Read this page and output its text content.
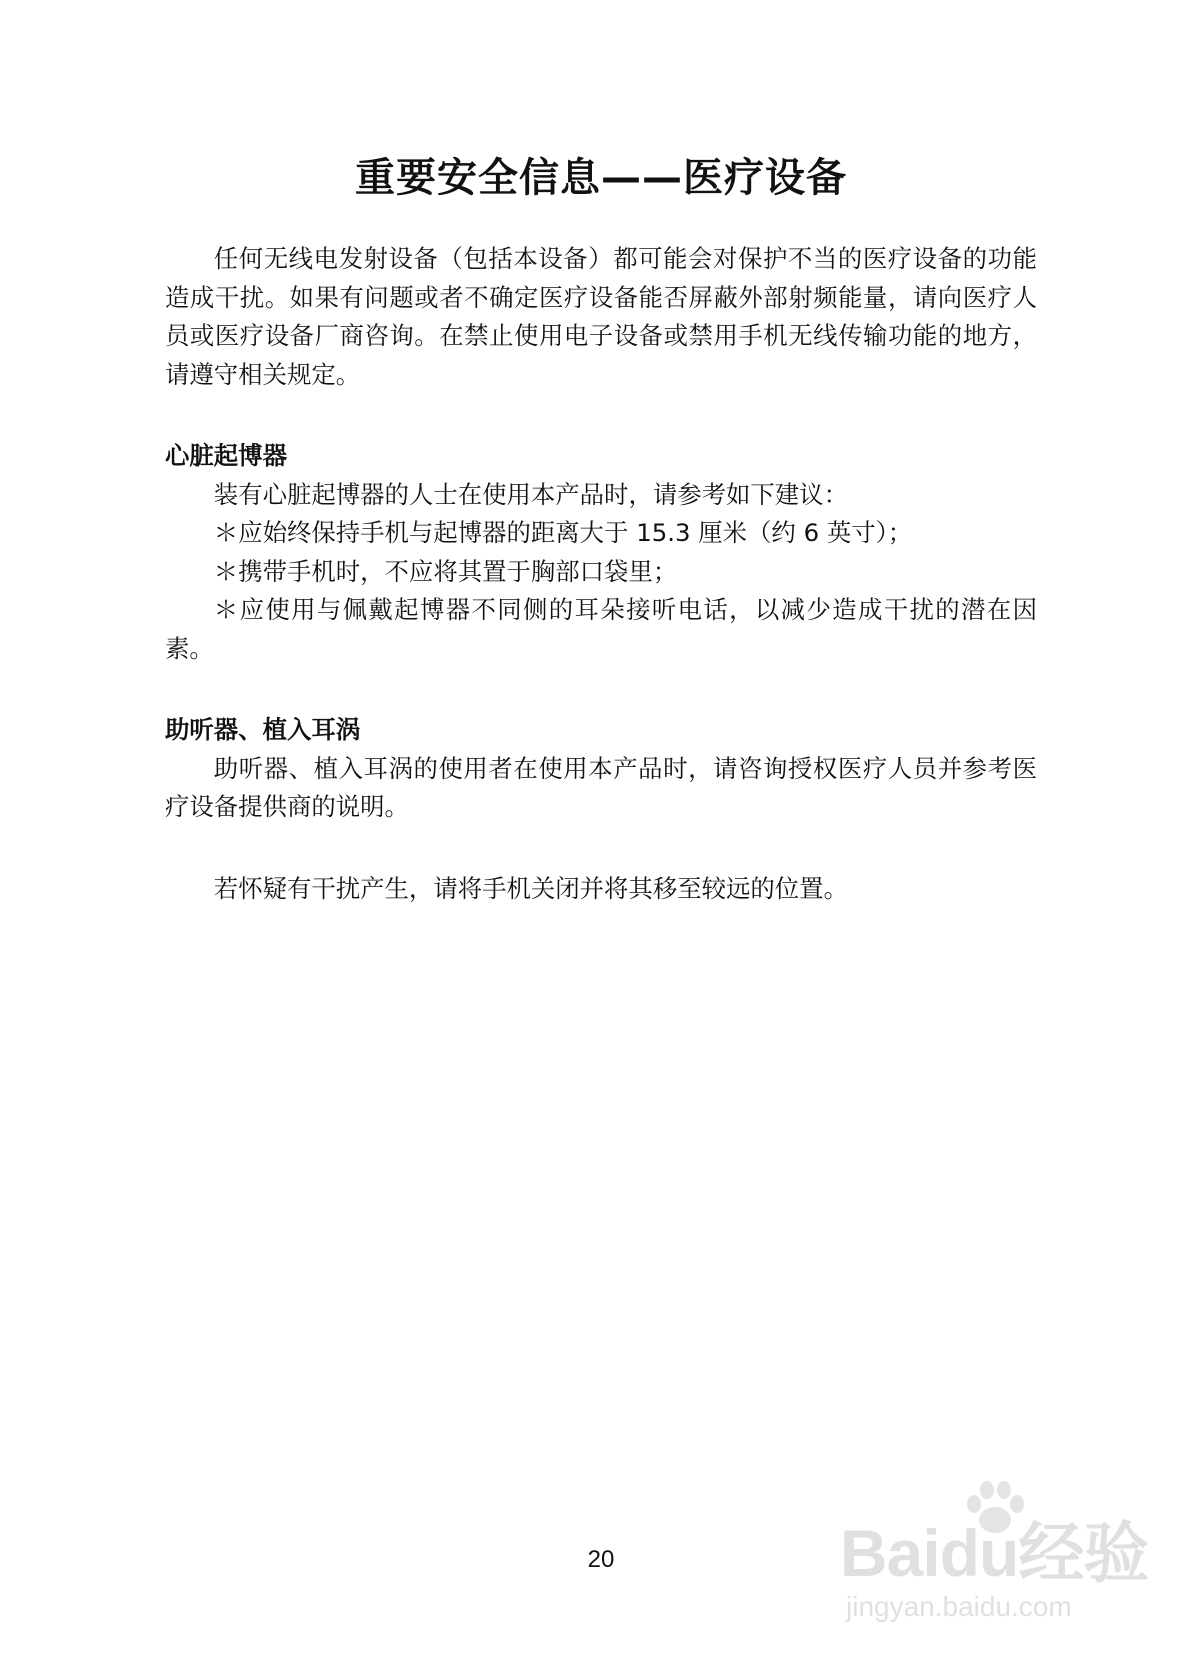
重要安全信息——医疗设备

任何无线电发射设备（包括本设备）都可能会对保护不当的医疗设备的功能造成干扰。如果有问题或者不确定医疗设备能否屏蔽外部射频能量，请向医疗人员或医疗设备厂商咨询。在禁止使用电子设备或禁用手机无线传输功能的地方，请遵守相关规定。

心脏起博器

装有心脏起博器的人士在使用本产品时，请参考如下建议：

＊应始终保持手机与起博器的距离大于 15.3 厘米（约 6 英寸）；

＊携带手机时，不应将其置于胸部口袋里；

＊应使用与佩戴起博器不同侧的耳朵接听电话，以减少造成干扰的潜在因素。

助听器、植入耳涡

助听器、植入耳涡的使用者在使用本产品时，请咨询授权医疗人员并参考医疗设备提供商的说明。

若怀疑有干扰产生，请将手机关闭并将其移至较远的位置。

20	Baidu经验
jingyan.baidu.com
